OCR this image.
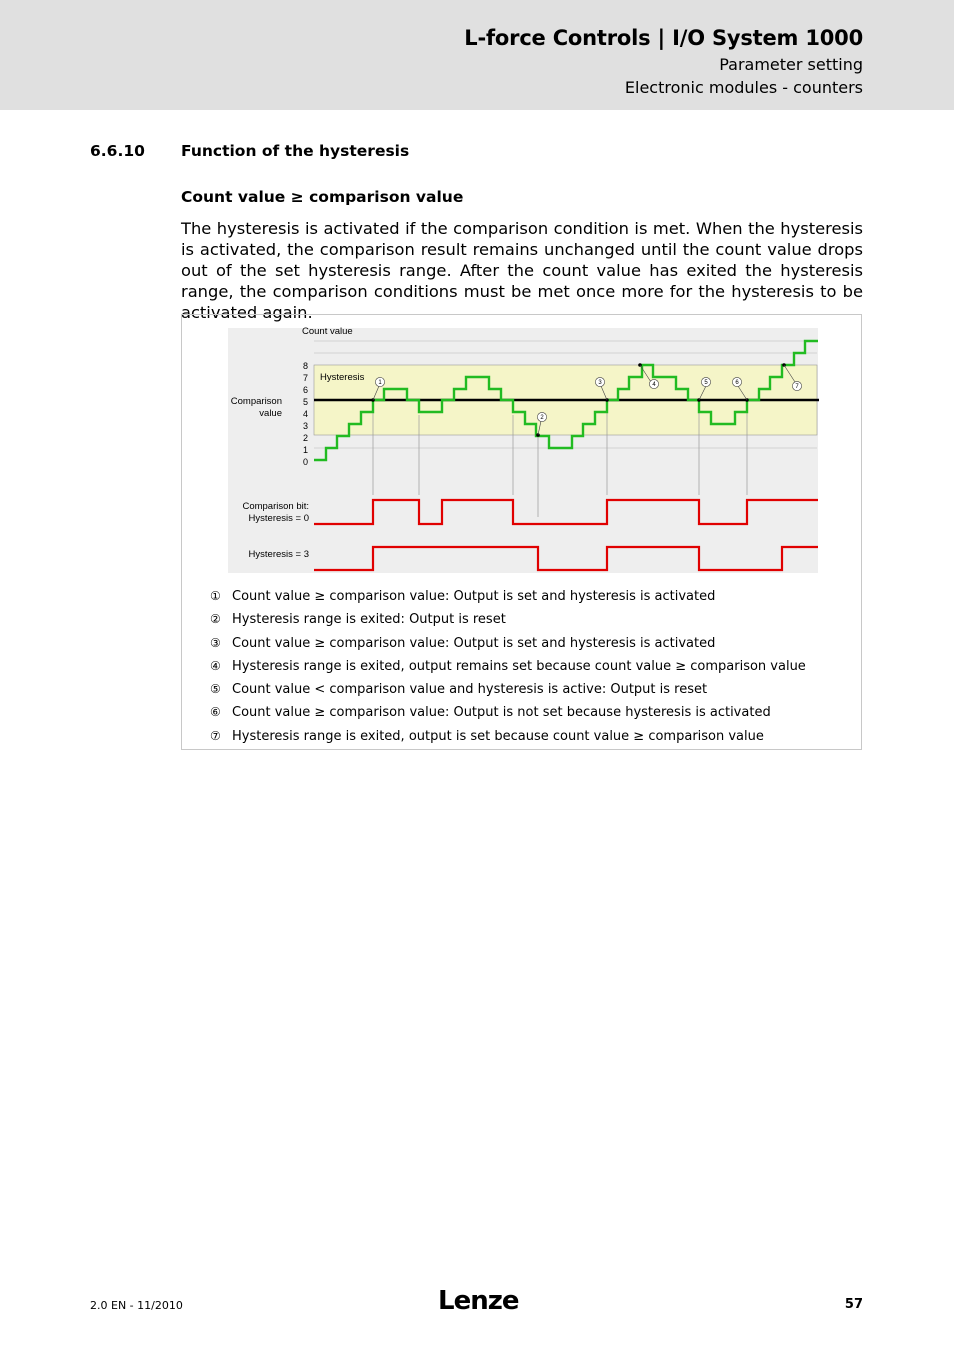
L-force Controls | I/O System 1000
Parameter setting
Electronic modules - counters
6.6.10 Function of the hysteresis
Count value ≥ comparison value
The hysteresis is activated if the comparison condition is met. When the hysteresis is activated, the comparison result remains unchanged until the count value drops out of the set hysteresis range. After the count value has exited the hysteresis range, the comparison conditions must be met once more for the hysteresis to be activated again.
1
2
3	4	5	6
7
8
7
6
5
4
3
2
1
0
Count value
Hysteresis
Comparison
value
Comparison bit:
Hysteresis = 0
Hysteresis = 3
① Count value ≥ comparison value: Output is set and hysteresis is activated
② Hysteresis range is exited: Output is reset
③ Count value ≥ comparison value: Output is set and hysteresis is activated
④ Hysteresis range is exited, output remains set because count value ≥ comparison value
⑤ Count value < comparison value and hysteresis is active: Output is reset
⑥ Count value ≥ comparison value: Output is not set because hysteresis is activated
⑦ Hysteresis range is exited, output is set because count value ≥ comparison value
2.0 EN - 11/2010	Lenze	57
